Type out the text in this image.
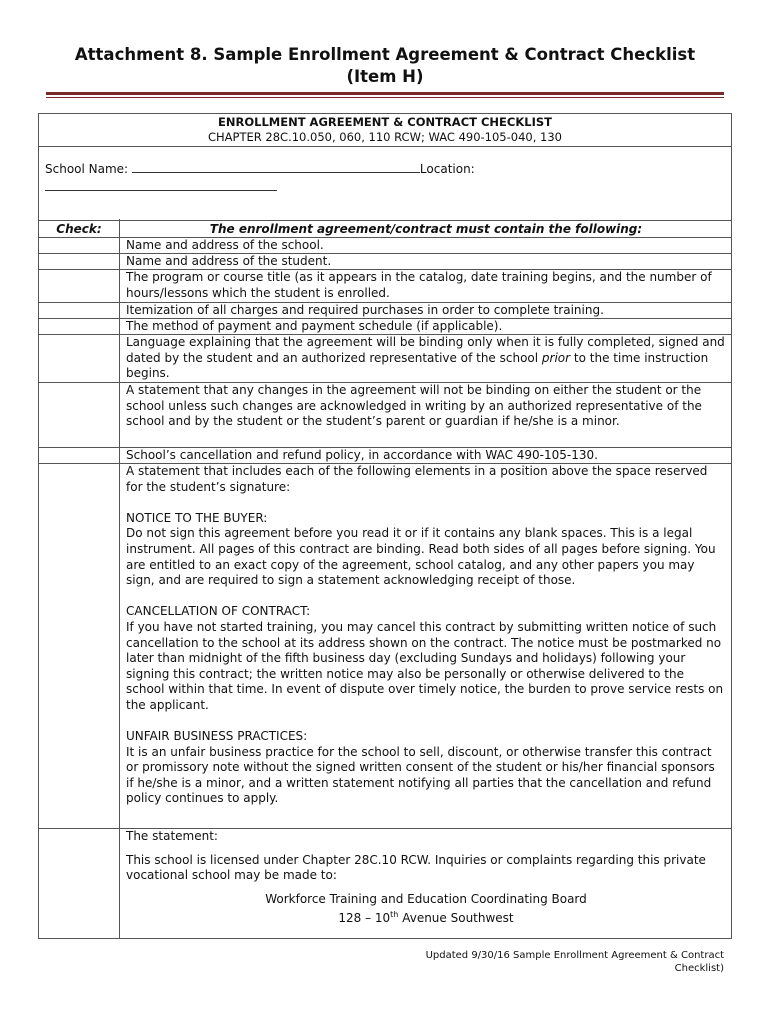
Attachment 8. Sample Enrollment Agreement & Contract Checklist
(Item H)
ENROLLMENT AGREEMENT & CONTRACT CHECKLIST
CHAPTER 28C.10.050, 060, 110 RCW; WAC 490-105-040, 130
School Name:	Location:
Check:	The enrollment agreement/contract must contain the following:
Name and address of the school.
Name and address of the student.
The program or course title (as it appears in the catalog, date training begins, and the number of hours/lessons which the student is enrolled.
Itemization of all charges and required purchases in order to complete training.
The method of payment and payment schedule (if applicable).
Language explaining that the agreement will be binding only when it is fully completed, signed and dated by the student and an authorized representative of the school prior to the time instruction begins.
A statement that any changes in the agreement will not be binding on either the student or the school unless such changes are acknowledged in writing by an authorized representative of the school and by the student or the student’s parent or guardian if he/she is a minor.
School’s cancellation and refund policy, in accordance with WAC 490-105-130.

A statement that includes each of the following elements in a position above the space reserved for the student’s signature:

NOTICE TO THE BUYER:

Do not sign this agreement before you read it or if it contains any blank spaces. This is a legal instrument. All pages of this contract are binding. Read both sides of all pages before signing. You are entitled to an exact copy of the agreement, school catalog, and any other papers you may sign, and are required to sign a statement acknowledging receipt of those.

CANCELLATION OF CONTRACT:

If you have not started training, you may cancel this contract by submitting written notice of such cancellation to the school at its address shown on the contract. The notice must be postmarked no later than midnight of the fifth business day (excluding Sundays and holidays) following your signing this contract; the written notice may also be personally or otherwise delivered to the school within that time. In event of dispute over timely notice, the burden to prove service rests on the applicant.

UNFAIR BUSINESS PRACTICES:

It is an unfair business practice for the school to sell, discount, or otherwise transfer this contract or promissory note without the signed written consent of the student or his/her financial sponsors if he/she is a minor, and a written statement notifying all parties that the cancellation and refund policy continues to apply.

The statement:

This school is licensed under Chapter 28C.10 RCW. Inquiries or complaints regarding this private vocational school may be made to:

Workforce Training and Education Coordinating Board

128 – 10th Avenue Southwest

Updated 9/30/16 Sample Enrollment Agreement & Contract
Checklist)
